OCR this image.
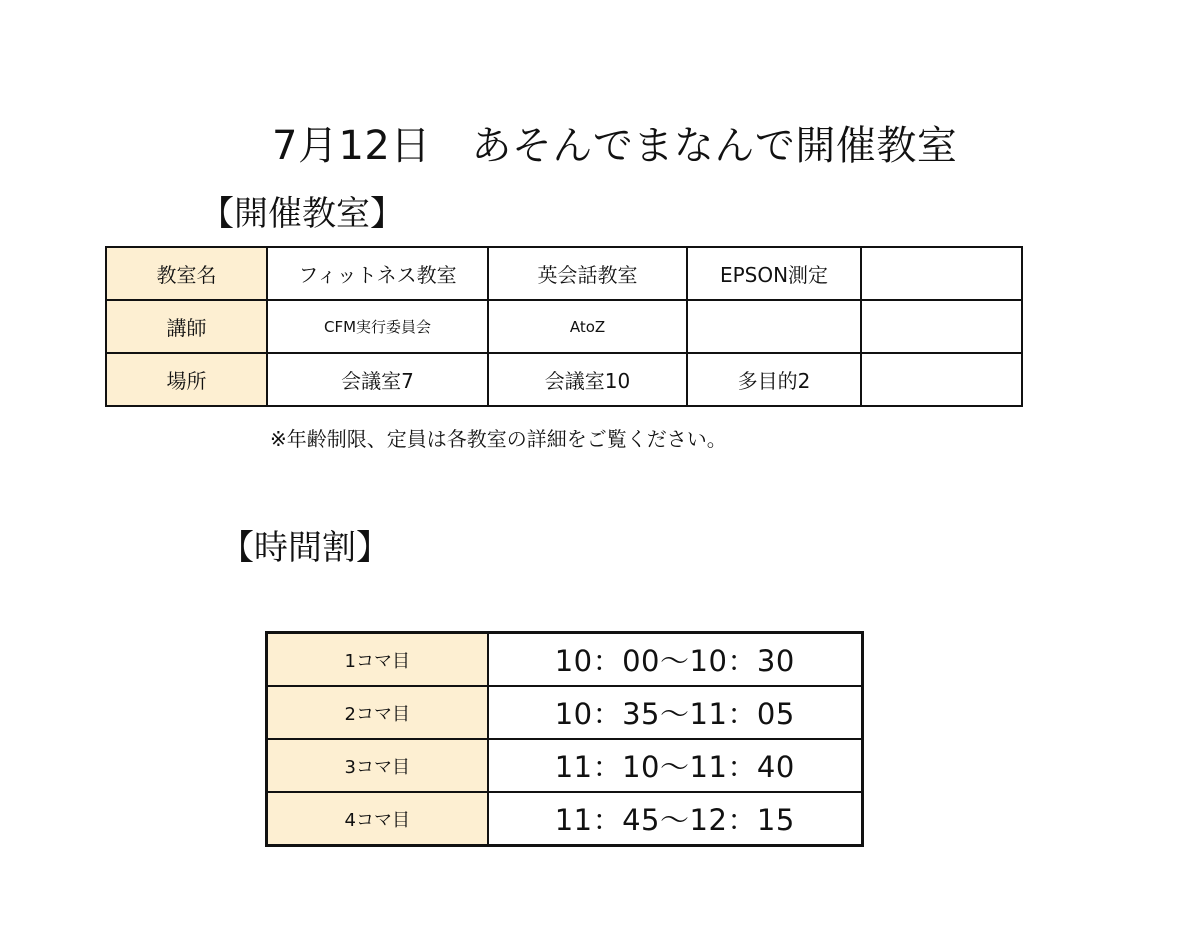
7月12日　あそんでまなんで開催教室
【開催教室】
教室名	フィットネス教室	英会話教室	EPSON測定	
講師	CFM実行委員会	AtoZ		
場所	会議室7	会議室10	多目的2	
※年齢制限、定員は各教室の詳細をご覧ください。
【時間割】
1コマ目	10：00〜10：30
2コマ目	10：35〜11：05
3コマ目	11：10〜11：40
4コマ目	11：45〜12：15
